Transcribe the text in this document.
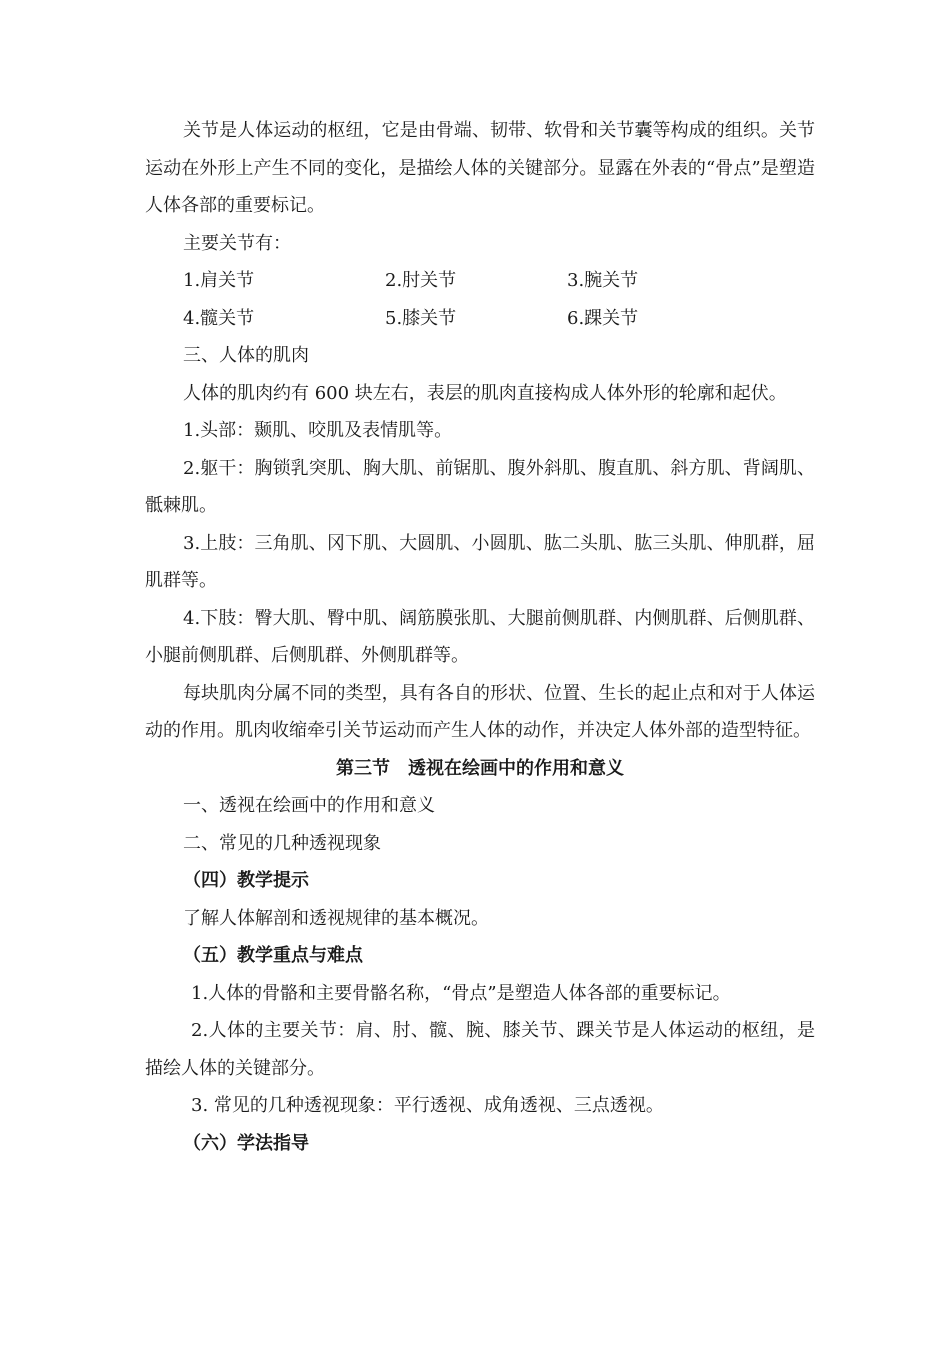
关节是人体运动的枢纽，它是由骨端、韧带、软骨和关节囊等构成的组织。关节运动在外形上产生不同的变化，是描绘人体的关键部分。显露在外表的“骨点”是塑造人体各部的重要标记。

主要关节有：

1.肩关节	2.肘关节	3.腕关节
4.髋关节	5.膝关节	6.踝关节

三、人体的肌肉

人体的肌肉约有 600 块左右，表层的肌肉直接构成人体外形的轮廓和起伏。

1.头部：颞肌、咬肌及表情肌等。

2.躯干：胸锁乳突肌、胸大肌、前锯肌、腹外斜肌、腹直肌、斜方肌、背阔肌、骶棘肌。

3.上肢：三角肌、冈下肌、大圆肌、小圆肌、肱二头肌、肱三头肌、伸肌群，屈肌群等。

4.下肢：臀大肌、臀中肌、阔筋膜张肌、大腿前侧肌群、内侧肌群、后侧肌群、小腿前侧肌群、后侧肌群、外侧肌群等。

每块肌肉分属不同的类型，具有各自的形状、位置、生长的起止点和对于人体运动的作用。肌肉收缩牵引关节运动而产生人体的动作，并决定人体外部的造型特征。

第三节　透视在绘画中的作用和意义

一、透视在绘画中的作用和意义

二、常见的几种透视现象

（四）教学提示

了解人体解剖和透视规律的基本概况。

（五）教学重点与难点

1.人体的骨骼和主要骨骼名称，“骨点”是塑造人体各部的重要标记。

2.人体的主要关节：肩、肘、髋、腕、膝关节、踝关节是人体运动的枢纽，是描绘人体的关键部分。

3. 常见的几种透视现象：平行透视、成角透视、三点透视。

（六）学法指导
